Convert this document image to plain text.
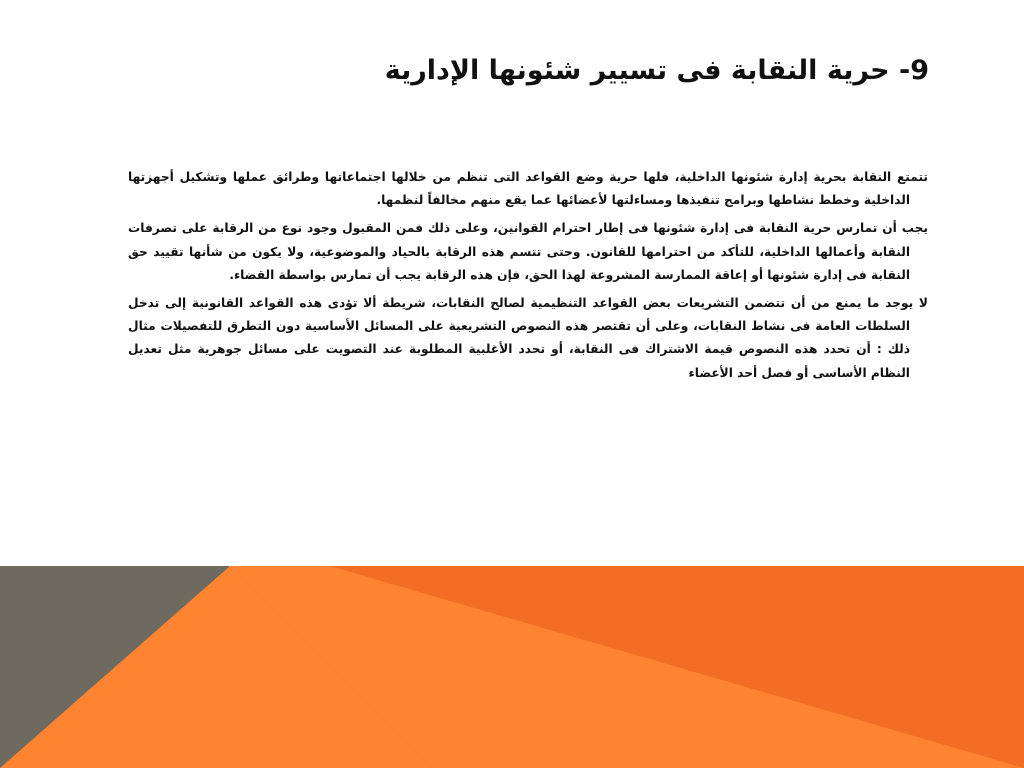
9- حرية النقابة فى تسيير شئونها الإدارية

تتمتع النقابة بحرية إدارة شئونها الداخلية، فلها حرية وضع القواعد التى تنظم من خلالها اجتماعاتها وطرائق عملها وتشكيل أجهزتها الداخلية وخطط نشاطها وبرامج تنفيذها ومساءلتها لأعضائها عما يقع منهم مخالفاً لنظمها.

يجب أن تمارس حرية النقابة فى إدارة شئونها فى إطار احترام القوانين، وعلى ذلك فمن المقبول وجود نوع من الرقابة على تصرفات النقابة وأعمالها الداخلية، للتأكد من احترامها للقانون. وحتى تتسم هذه الرقابة بالحياد والموضوعية، ولا يكون من شأنها تقييد حق النقابة فى إدارة شئونها أو إعاقة الممارسة المشروعة لهذا الحق، فإن هذه الرقابة يجب أن تمارس بواسطة القضاء.

لا يوجد ما يمنع من أن تتضمن التشريعات بعض القواعد التنظيمية لصالح النقابات، شريطة ألا تؤدى هذه القواعد القانونية إلى تدخل السلطات العامة فى نشاط النقابات، وعلى أن تقتصر هذه النصوص التشريعية على المسائل الأساسية دون التطرق للتفصيلات مثال ذلك : أن تحدد هذه النصوص قيمة الاشتراك فى النقابة، أو تحدد الأغلبية المطلوبة عند التصويت على مسائل جوهرية مثل تعديل النظام الأساسى أو فصل أحد الأعضاء
